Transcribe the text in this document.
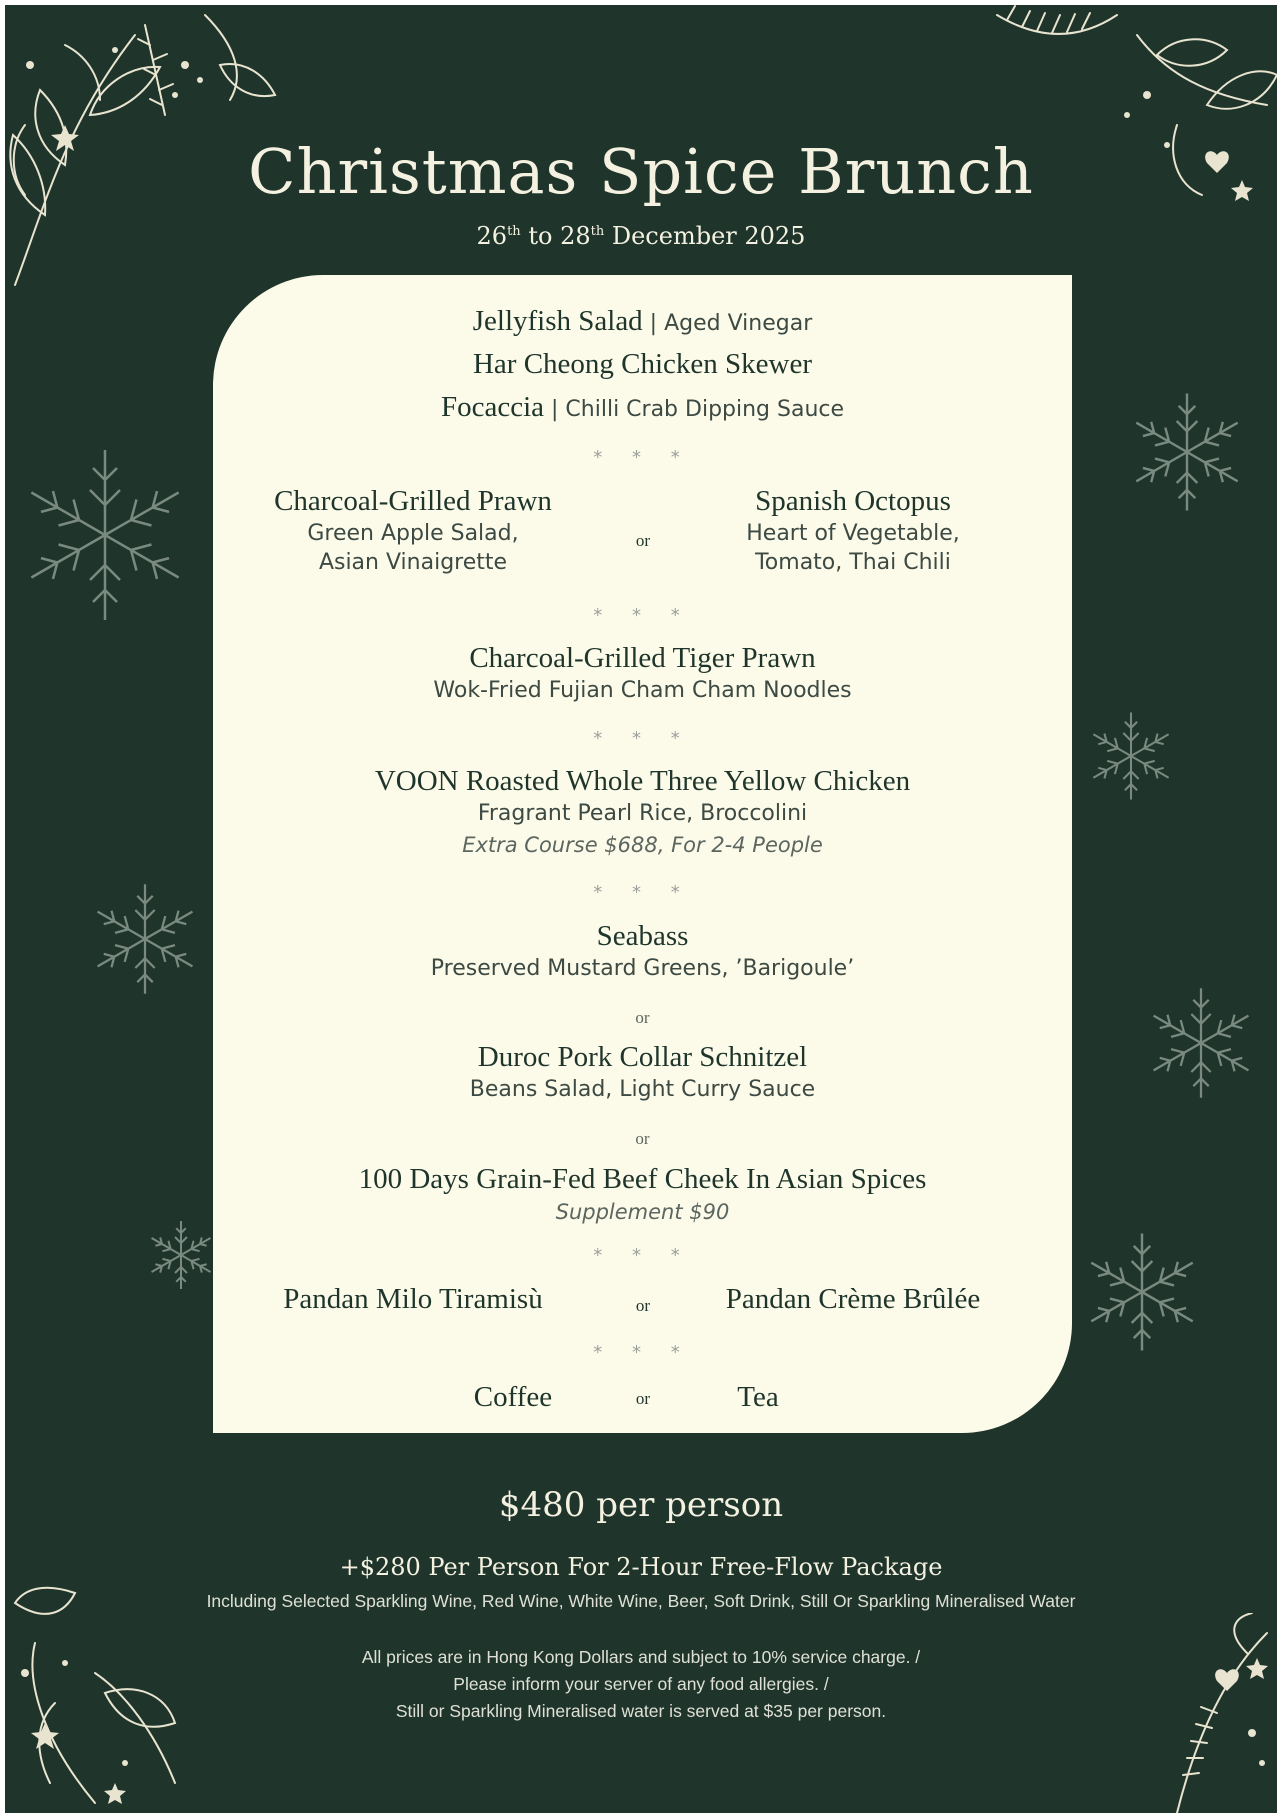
Christmas Spice Brunch
26th to 28th December 2025
Jellyfish Salad | Aged Vinegar
Har Cheong Chicken Skewer
Focaccia | Chilli Crab Dipping Sauce
* * *
Charcoal-Grilled Prawn
Green Apple Salad,
Asian Vinaigrette
or
Spanish Octopus
Heart of Vegetable,
Tomato, Thai Chili
* * *
Charcoal-Grilled Tiger Prawn
Wok-Fried Fujian Cham Cham Noodles
* * *
VOON Roasted Whole Three Yellow Chicken
Fragrant Pearl Rice, Broccolini
Extra Course $688, For 2-4 People
* * *
Seabass
Preserved Mustard Greens, ’Barigoule’
or
Duroc Pork Collar Schnitzel
Beans Salad, Light Curry Sauce
or
100 Days Grain-Fed Beef Cheek In Asian Spices
Supplement $90
* * *
Pandan Milo Tiramisù	or	Pandan Crème Brûlée
* * *
Coffee	or	Tea
$480 per person
+$280 Per Person For 2-Hour Free-Flow Package
Including Selected Sparkling Wine, Red Wine, White Wine, Beer, Soft Drink, Still Or Sparkling Mineralised Water
All prices are in Hong Kong Dollars and subject to 10% service charge. /
Please inform your server of any food allergies. /
Still or Sparkling Mineralised water is served at $35 per person.
